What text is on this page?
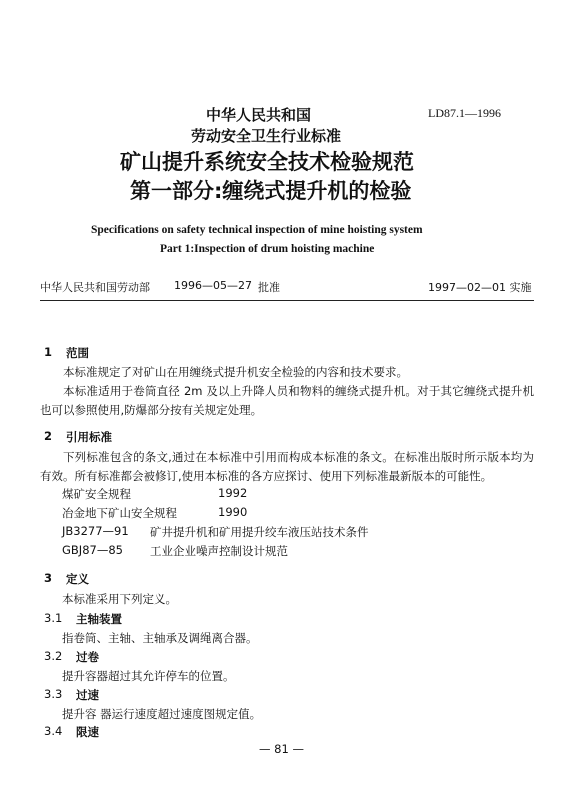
中华人民共和国	LD87.1—1996
劳动安全卫生行业标准
矿山提升系统安全技术检验规范
第一部分:缠绕式提升机的检验
Specifications on safety technical inspection of mine hoisting system
Part 1:Inspection of drum hoisting machine
中华人民共和国劳动部 1996—05—27 批准	1997—02—01 实施
1 范围
本标准规定了对矿山在用缠绕式提升机安全检验的内容和技术要求。
本标准适用于卷筒直径 2m 及以上升降人员和物料的缠绕式提升机。对于其它缠绕式提升机也可以参照使用,防爆部分按有关规定处理。
2 引用标准
下列标准包含的条文,通过在本标准中引用而构成本标准的条文。在标准出版时所示版本均为有效。所有标准都会被修订,使用本标准的各方应探讨、使用下列标准最新版本的可能性。
煤矿安全规程	1992
冶金地下矿山安全规程	1990
JB3277—91 矿井提升机和矿用提升绞车液压站技术条件
GBJ87—85 工业企业噪声控制设计规范
3 定义
本标准采用下列定义。
3.1 主轴装置
指卷筒、主轴、主轴承及调绳离合器。
3.2 过卷
提升容器超过其允许停车的位置。
3.3 过速
提升容 器运行速度超过速度图规定值。
3.4 限速
— 81 —
